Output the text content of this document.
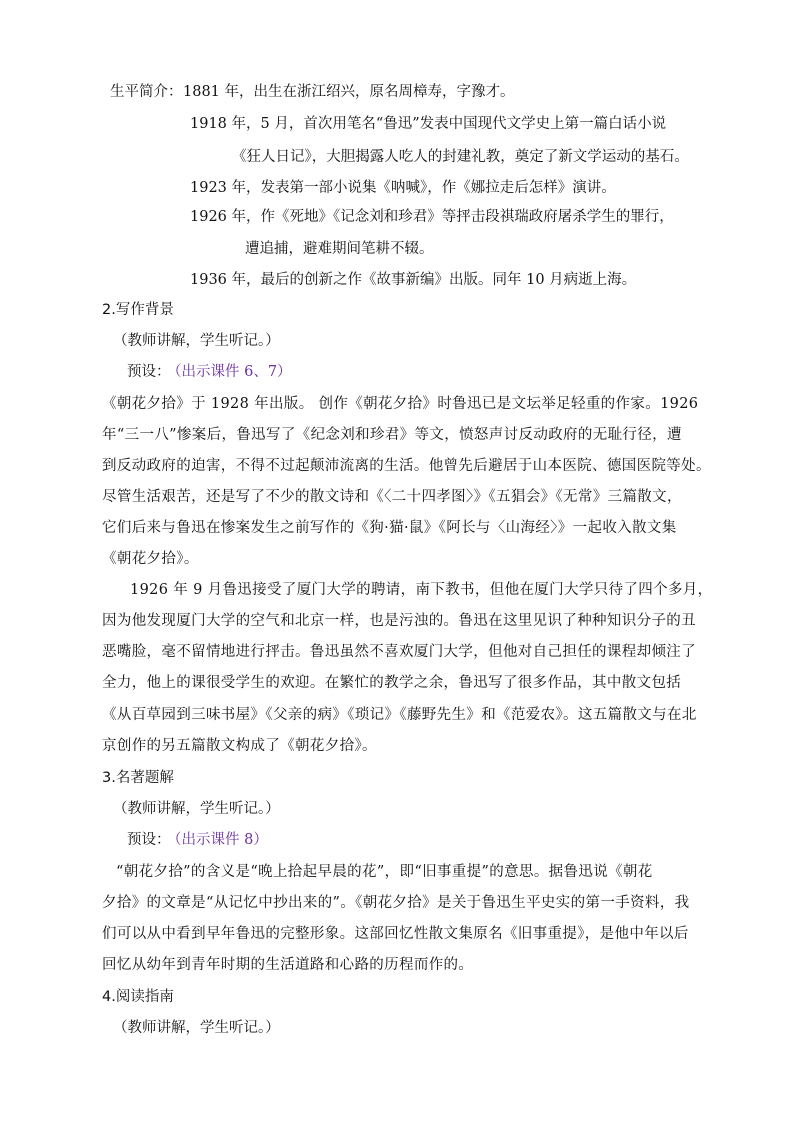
生平简介： 1881 年，出生在浙江绍兴，原名周樟寿，字豫才。
1918 年，5 月，首次用笔名“鲁迅”发表中国现代文学史上第一篇白话小说
《狂人日记》，大胆揭露人吃人的封建礼教，奠定了新文学运动的基石。
1923 年，发表第一部小说集《呐喊》，作《娜拉走后怎样》演讲。
1926 年，作《死地》《记念刘和珍君》等抨击段祺瑞政府屠杀学生的罪行，
遭追捕，避难期间笔耕不辍。
1936 年，最后的创新之作《故事新编》出版。同年 10 月病逝上海。
2.写作背景
（教师讲解，学生听记。）
预设：
（出示课件 6、7）
《朝花夕拾》于 1928 年出版。 创作《朝花夕拾》时鲁迅已是文坛举足轻重的作家。1926
年“三一八”惨案后，鲁迅写了《纪念刘和珍君》等文，愤怒声讨反动政府的无耻行径，遭
到反动政府的迫害，不得不过起颠沛流离的生活。他曾先后避居于山本医院、德国医院等处。
尽管生活艰苦，还是写了不少的散文诗和《〈二十四孝图〉》《五猖会》《无常》三篇散文，
它们后来与鲁迅在惨案发生之前写作的《狗·猫·鼠》《阿长与〈山海经〉》一起收入散文集
《朝花夕拾》。
1926 年 9 月鲁迅接受了厦门大学的聘请，南下教书，但他在厦门大学只待了四个多月，
因为他发现厦门大学的空气和北京一样，也是污浊的。鲁迅在这里见识了种种知识分子的丑
恶嘴脸，毫不留情地进行抨击。鲁迅虽然不喜欢厦门大学，但他对自己担任的课程却倾注了
全力，他上的课很受学生的欢迎。在繁忙的教学之余，鲁迅写了很多作品，其中散文包括
《从百草园到三味书屋》《父亲的病》《琐记》《藤野先生》和《范爱农》。这五篇散文与在北
京创作的另五篇散文构成了《朝花夕拾》。
3.名著题解
（教师讲解，学生听记。）
预设：
（出示课件 8）
“朝花夕拾”的含义是“晚上拾起早晨的花”，即“旧事重提”的意思。据鲁迅说《朝花
夕拾》的文章是“从记忆中抄出来的”。《朝花夕拾》是关于鲁迅生平史实的第一手资料，我
们可以从中看到早年鲁迅的完整形象。这部回忆性散文集原名《旧事重提》，是他中年以后
回忆从幼年到青年时期的生活道路和心路的历程而作的。
4.阅读指南
（教师讲解，学生听记。）
